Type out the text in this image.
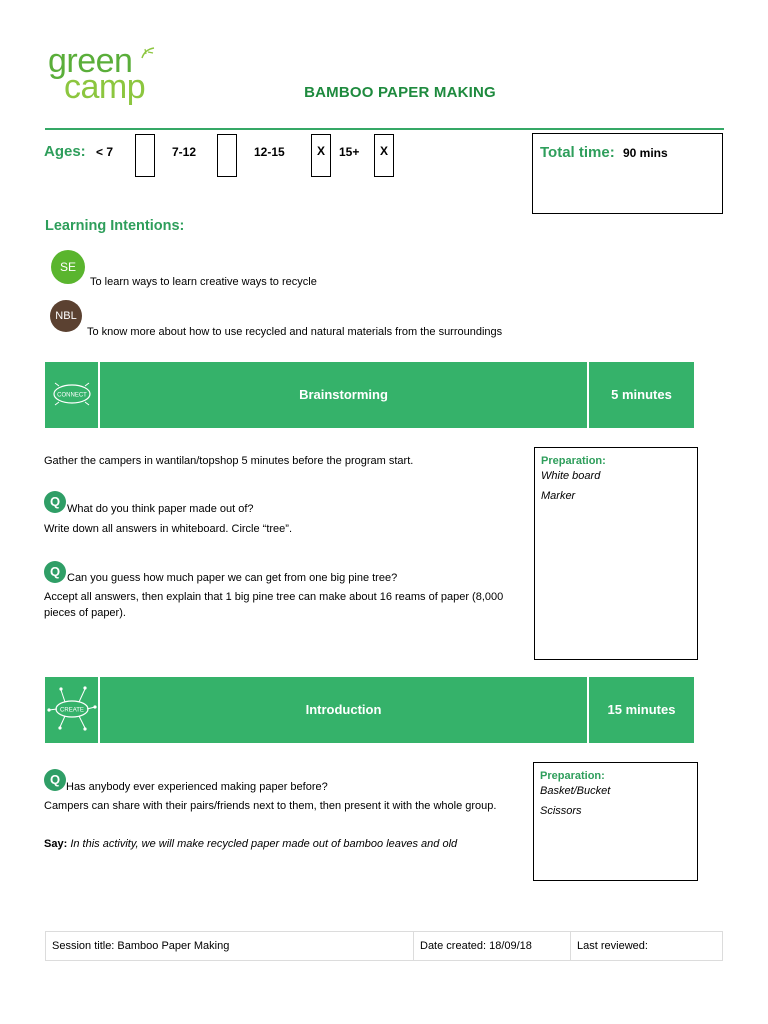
green
camp	BAMBOO PAPER MAKING
Ages: < 7	7-12	12-15	X	15+	X	Total time: 90 mins
Learning Intentions:
SE
To learn ways to learn creative ways to recycle
NBL
To know more about how to use recycled and natural materials from the surroundings
CONNECT	Brainstorming	5 minutes
Gather the campers in wantilan/topshop 5 minutes before the program start.
Q What do you think paper made out of?
Write down all answers in whiteboard. Circle “tree”.
Q Can you guess how much paper we can get from one big pine tree?
Accept all answers, then explain that 1 big pine tree can make about 16 reams of paper (8,000
pieces of paper).
Preparation:
White board
Marker
CREATE	Introduction	15 minutes
Q Has anybody ever experienced making paper before?
Campers can share with their pairs/friends next to them, then present it with the whole group.
Say: In this activity, we will make recycled paper made out of bamboo leaves and old
Preparation:
Basket/Bucket
Scissors
Session title: Bamboo Paper Making	Date created: 18/09/18	Last reviewed:
